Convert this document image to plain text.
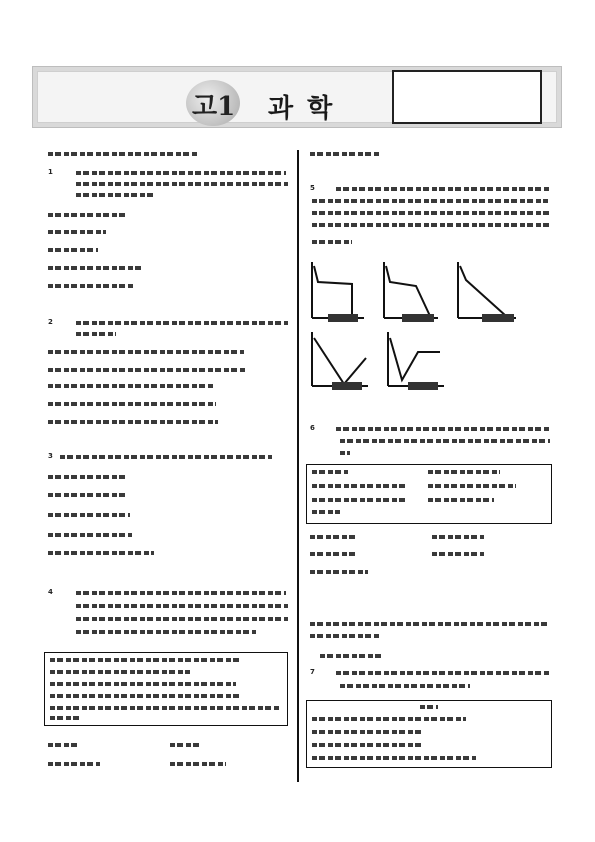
고1 과학
1
2
3
4
5
6
7
